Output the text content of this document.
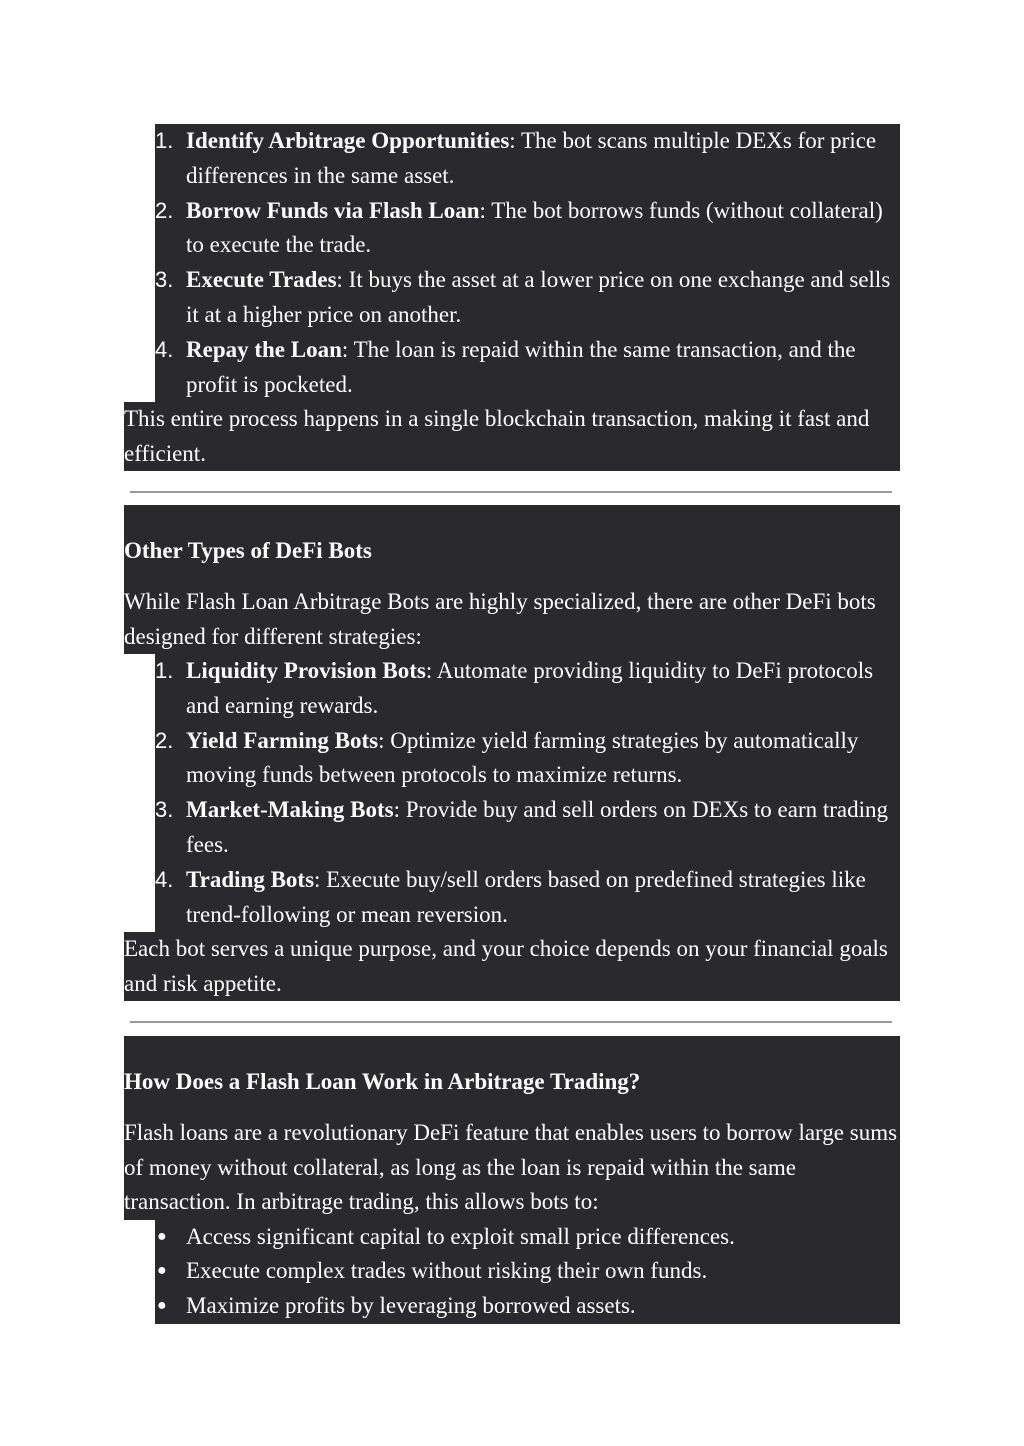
1. Identify Arbitrage Opportunities: The bot scans multiple DEXs for price differences in the same asset.
2. Borrow Funds via Flash Loan: The bot borrows funds (without collateral) to execute the trade.
3. Execute Trades: It buys the asset at a lower price on one exchange and sells it at a higher price on another.
4. Repay the Loan: The loan is repaid within the same transaction, and the profit is pocketed.

This entire process happens in a single blockchain transaction, making it fast and efficient.

Other Types of DeFi Bots

While Flash Loan Arbitrage Bots are highly specialized, there are other DeFi bots designed for different strategies:

1. Liquidity Provision Bots: Automate providing liquidity to DeFi protocols and earning rewards.
2. Yield Farming Bots: Optimize yield farming strategies by automatically moving funds between protocols to maximize returns.
3. Market-Making Bots: Provide buy and sell orders on DEXs to earn trading fees.
4. Trading Bots: Execute buy/sell orders based on predefined strategies like trend-following or mean reversion.

Each bot serves a unique purpose, and your choice depends on your financial goals and risk appetite.

How Does a Flash Loan Work in Arbitrage Trading?

Flash loans are a revolutionary DeFi feature that enables users to borrow large sums of money without collateral, as long as the loan is repaid within the same transaction. In arbitrage trading, this allows bots to:

● Access significant capital to exploit small price differences.
● Execute complex trades without risking their own funds.
● Maximize profits by leveraging borrowed assets.
